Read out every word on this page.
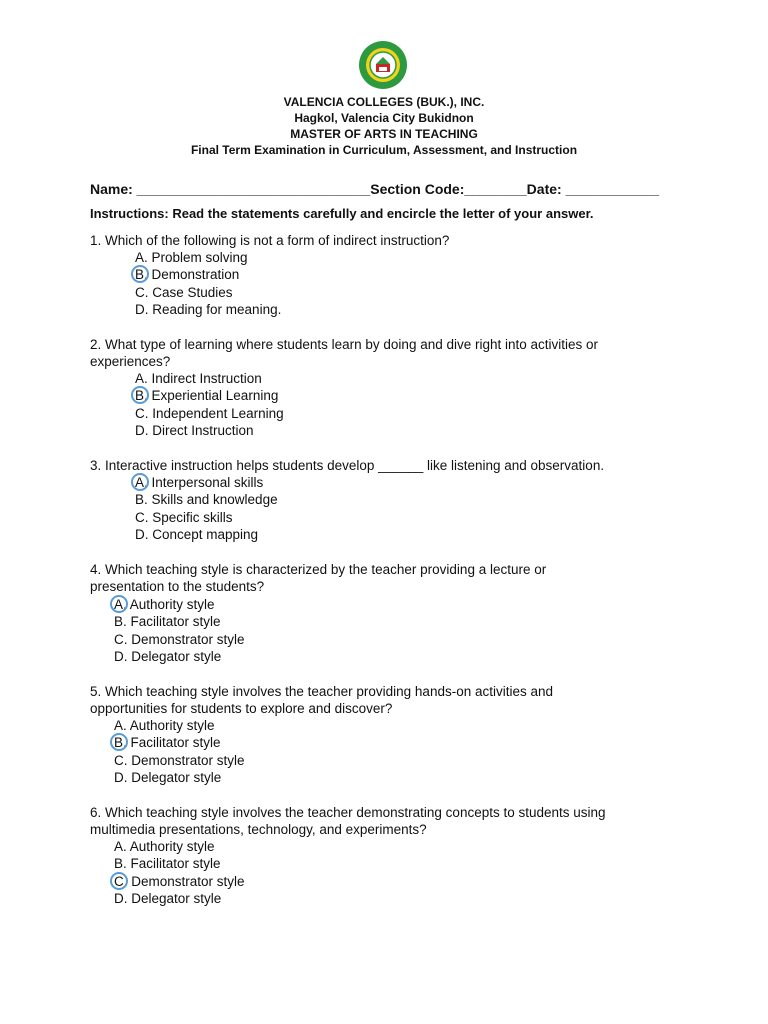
VALENCIA COLLEGES (BUK.), INC.
Hagkol, Valencia City Bukidnon
MASTER OF ARTS IN TEACHING
Final Term Examination in Curriculum, Assessment, and Instruction
Name: ______________________________Section Code:________Date: ____________
Instructions: Read the statements carefully and encircle the letter of your answer.
1. Which of the following is not a form of indirect instruction?
A. Problem solving
B. Demonstration
C. Case Studies
D. Reading for meaning.
2. What type of learning where students learn by doing and dive right into activities or
experiences?
A. Indirect Instruction
B. Experiential Learning
C. Independent Learning
D. Direct Instruction
3. Interactive instruction helps students develop ______ like listening and observation.
A. Interpersonal skills
B. Skills and knowledge
C. Specific skills
D. Concept mapping
4. Which teaching style is characterized by the teacher providing a lecture or
presentation to the students?
A. Authority style
B. Facilitator style
C. Demonstrator style
D. Delegator style
5. Which teaching style involves the teacher providing hands-on activities and
opportunities for students to explore and discover?
A. Authority style
B. Facilitator style
C. Demonstrator style
D. Delegator style
6. Which teaching style involves the teacher demonstrating concepts to students using
multimedia presentations, technology, and experiments?
A. Authority style
B. Facilitator style
C. Demonstrator style
D. Delegator style
